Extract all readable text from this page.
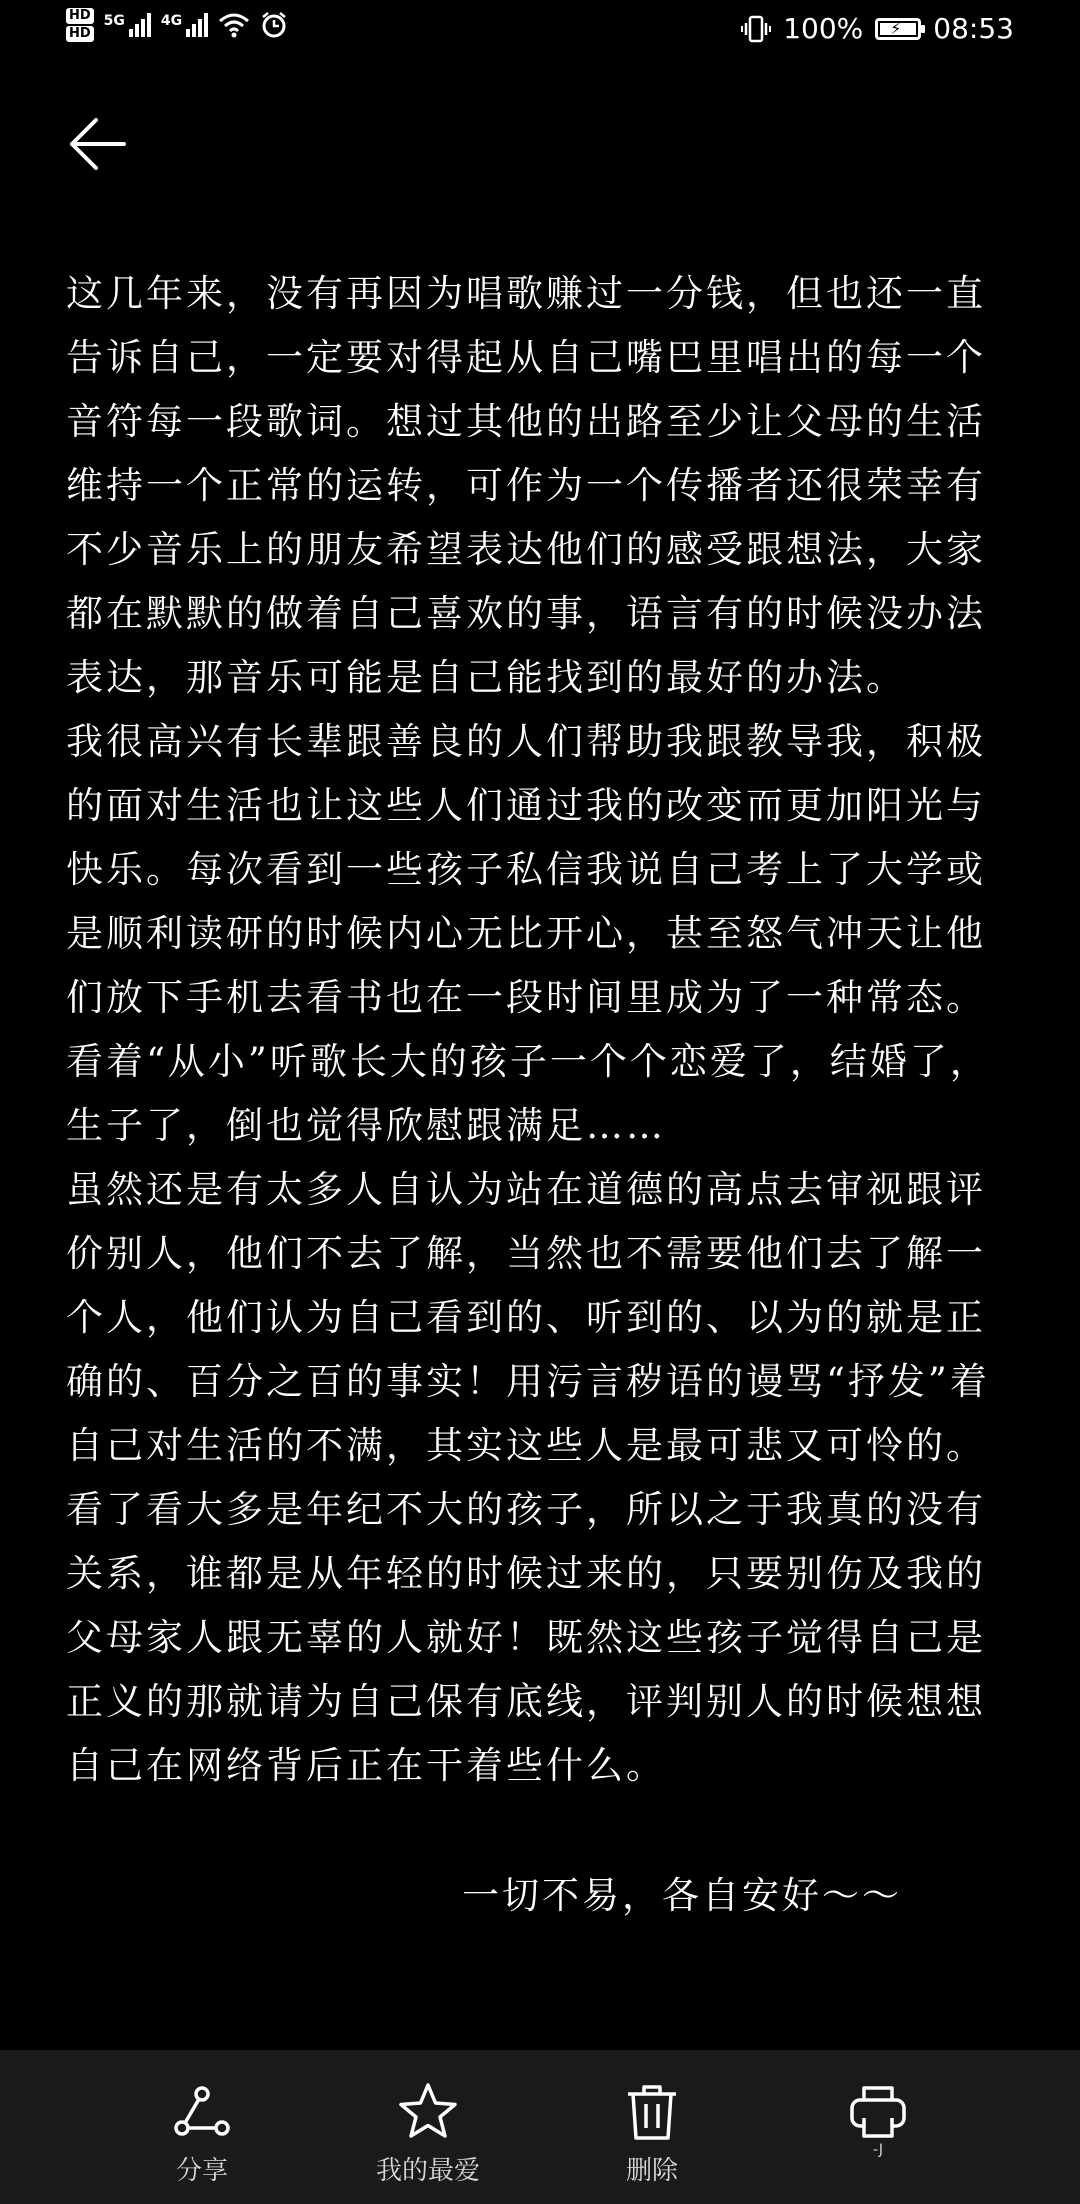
HD
HD
5G	4G	100% ⚡ 08:53

这几年来，没有再因为唱歌赚过一分钱，但也还一直告诉自己，一定要对得起从自己嘴巴里唱出的每一个音符每一段歌词。想过其他的出路至少让父母的生活维持一个正常的运转，可作为一个传播者还很荣幸有不少音乐上的朋友希望表达他们的感受跟想法，大家都在默默的做着自己喜欢的事，语言有的时候没办法表达，那音乐可能是自己能找到的最好的办法。

我很高兴有长辈跟善良的人们帮助我跟教导我，积极的面对生活也让这些人们通过我的改变而更加阳光与快乐。每次看到一些孩子私信我说自己考上了大学或是顺利读研的时候内心无比开心，甚至怒气冲天让他们放下手机去看书也在一段时间里成为了一种常态。 看着“从小”听歌长大的孩子一个个恋爱了，结婚了，生子了，倒也觉得欣慰跟满足……

虽然还是有太多人自认为站在道德的高点去审视跟评价别人，他们不去了解，当然也不需要他们去了解一个人，他们认为自己看到的、听到的、以为的就是正确的、百分之百的事实！用污言秽语的谩骂“抒发”着自己对生活的不满，其实这些人是最可悲又可怜的。看了看大多是年纪不大的孩子，所以之于我真的没有关系，谁都是从年轻的时候过来的，只要别伤及我的父母家人跟无辜的人就好！既然这些孩子觉得自己是正义的那就请为自己保有底线，评判别人的时候想想自己在网络背后正在干着些什么。

一切不易，各自安好～～
分享	我的最爱	删除
-J
